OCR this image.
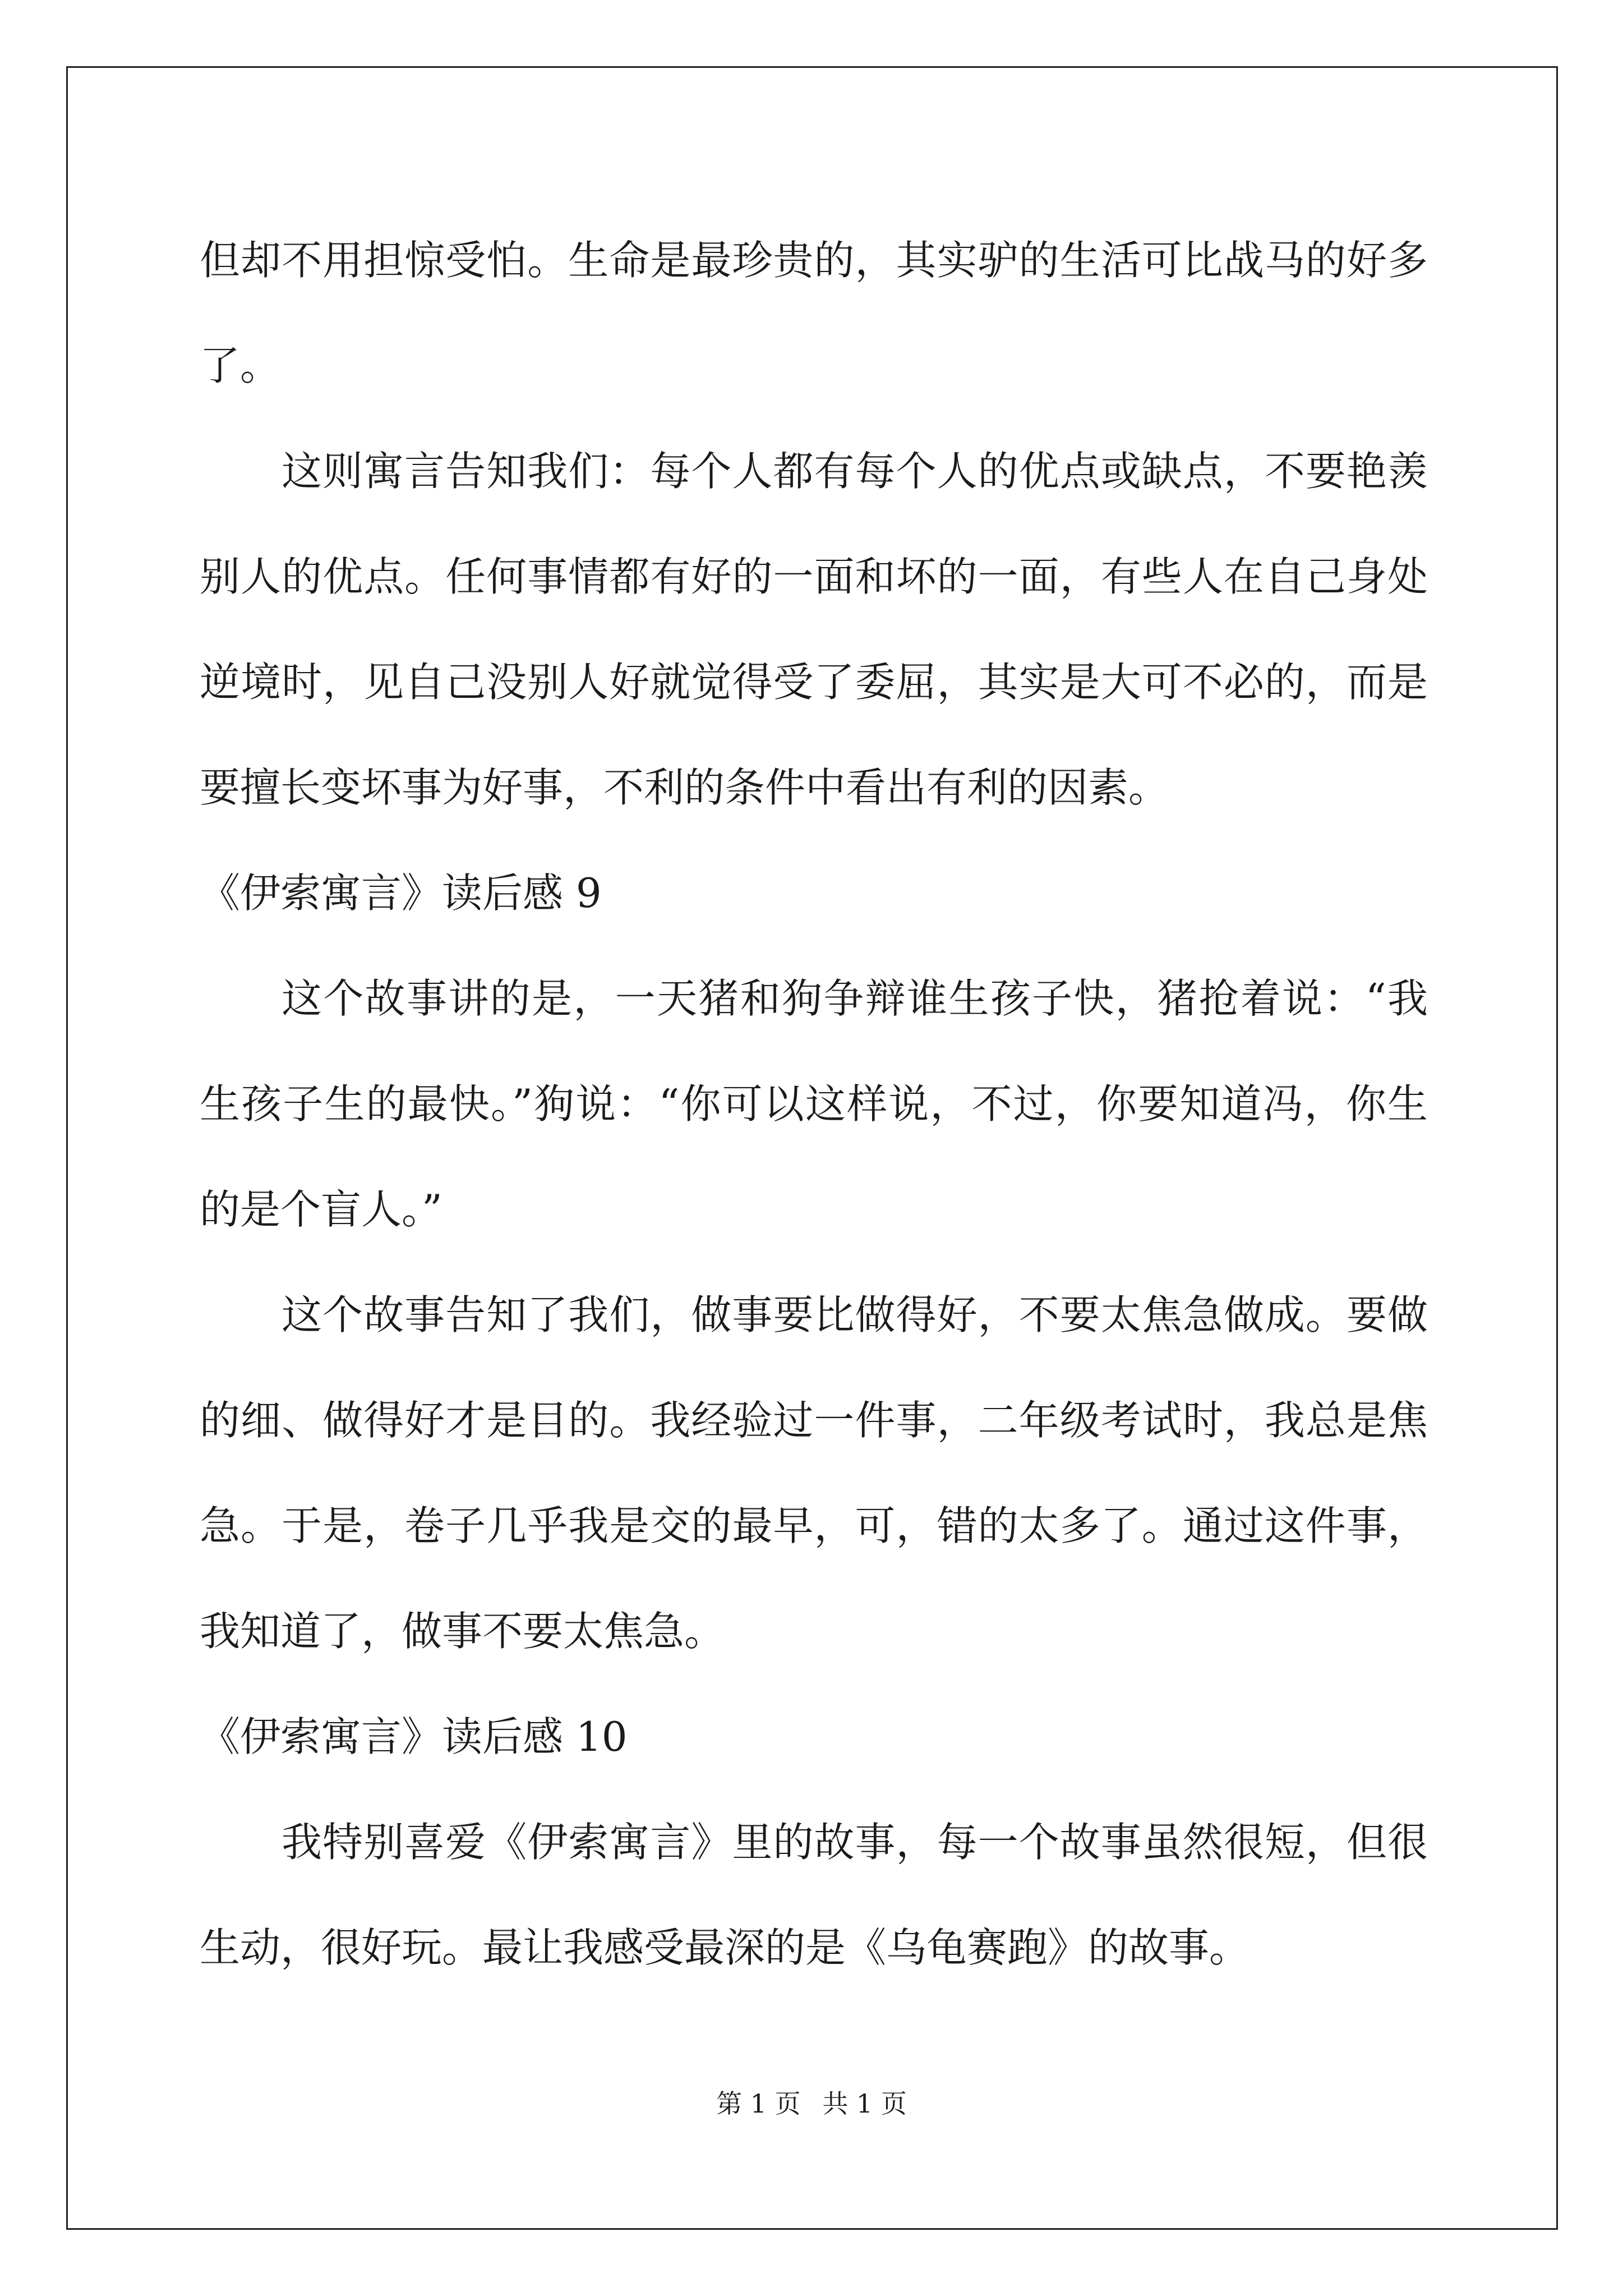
但却不用担惊受怕。生命是最珍贵的，其实驴的生活可比战马的好多了。

这则寓言告知我们：每个人都有每个人的优点或缺点，不要艳羡别人的优点。任何事情都有好的一面和坏的一面，有些人在自己身处逆境时，见自己没别人好就觉得受了委屈，其实是大可不必的，而是要擅长变坏事为好事，不利的条件中看出有利的因素。

《伊索寓言》读后感 9

这个故事讲的是，一天猪和狗争辩谁生孩子快，猪抢着说：“我生孩子生的最快。”狗说：“你可以这样说，不过，你要知道冯，你生的是个盲人。”

这个故事告知了我们，做事要比做得好，不要太焦急做成。要做的细、做得好才是目的。我经验过一件事，二年级考试时，我总是焦急。于是，卷子几乎我是交的最早，可，错的太多了。通过这件事，我知道了，做事不要太焦急。

《伊索寓言》读后感 10

我特别喜爱《伊索寓言》里的故事，每一个故事虽然很短，但很生动，很好玩。最让我感受最深的是《乌龟赛跑》的故事。

第 1 页 共 1 页
